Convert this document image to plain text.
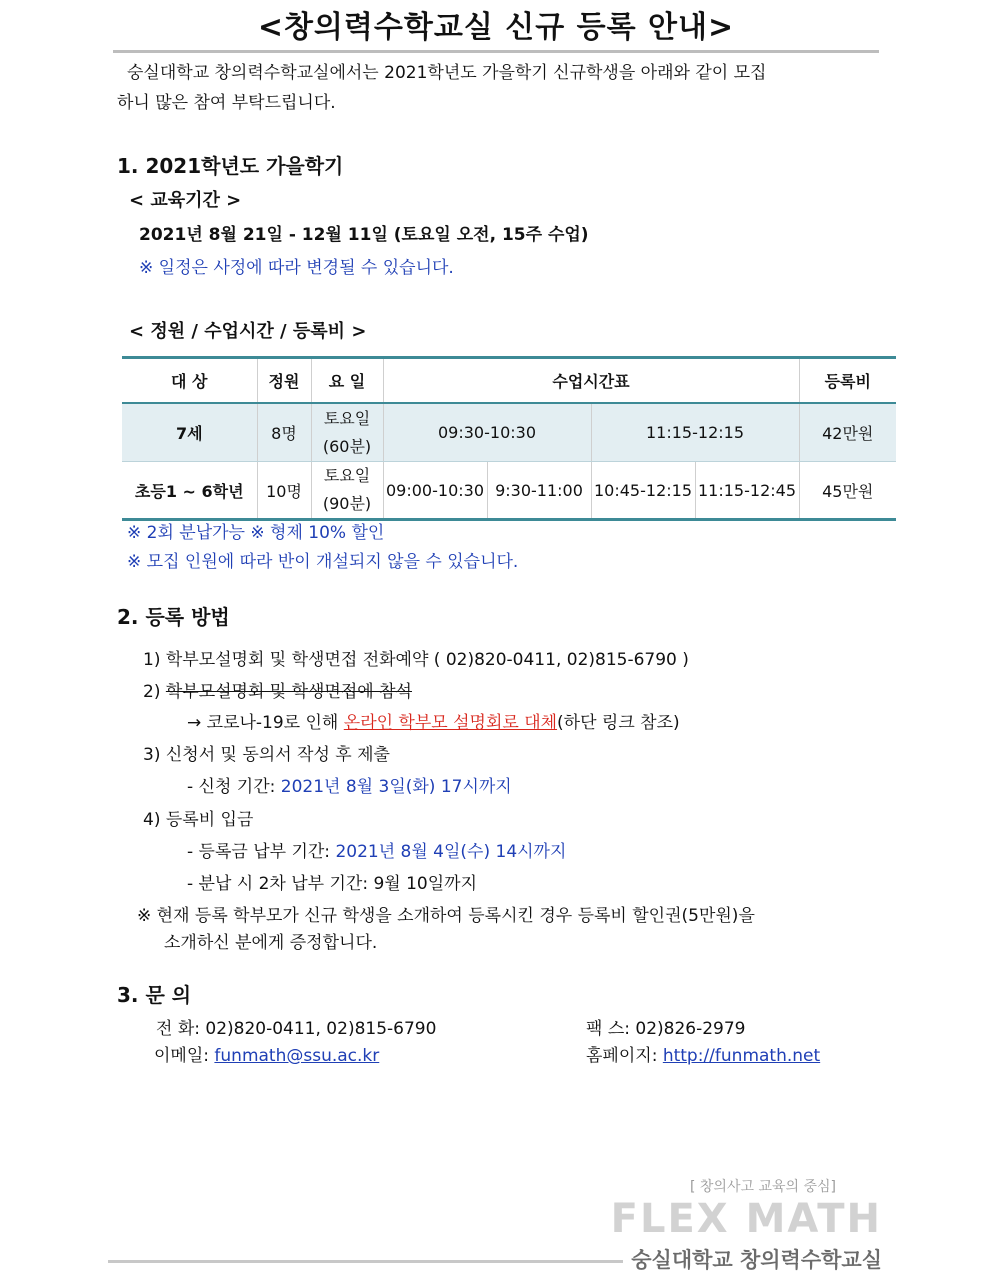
<창의력수학교실 신규 등록 안내>
숭실대학교 창의력수학교실에서는 2021학년도 가을학기 신규학생을 아래와 같이 모집
하니 많은 참여 부탁드립니다.
1. 2021학년도 가을학기
< 교육기간 >
2021년 8월 21일 - 12월 11일 (토요일 오전, 15주 수업)
※ 일정은 사정에 따라 변경될 수 있습니다.
< 정원 / 수업시간 / 등록비 >
대 상	정원	요 일	수업시간표				등록비
7세	8명	토요일
(60분)	09:30-10:30		11:15-12:15		42만원
초등1 ~ 6학년	10명	토요일
(90분)	09:00-10:30	9:30-11:00	10:45-12:15	11:15-12:45	45만원
※ 2회 분납가능 ※ 형제 10% 할인
※ 모집 인원에 따라 반이 개설되지 않을 수 있습니다.
2. 등록 방법
1) 학부모설명회 및 학생면접 전화예약 ( 02)820-0411, 02)815-6790 )
2) 학부모설명회 및 학생면접에 참석
→ 코로나-19로 인해 온라인 학부모 설명회로 대체(하단 링크 참조)
3) 신청서 및 동의서 작성 후 제출
- 신청 기간: 2021년 8월 3일(화) 17시까지
4) 등록비 입금
- 등록금 납부 기간: 2021년 8월 4일(수) 14시까지
- 분납 시 2차 납부 기간: 9월 10일까지
※ 현재 등록 학부모가 신규 학생을 소개하여 등록시킨 경우 등록비 할인권(5만원)을
소개하신 분에게 증정합니다.
3. 문 의
전 화: 02)820-0411, 02)815-6790	팩 스: 02)826-2979
이메일: funmath@ssu.ac.kr	홈페이지: http://funmath.net
[ 창의사고 교육의 중심]
FLEX MATH
숭실대학교 창의력수학교실
